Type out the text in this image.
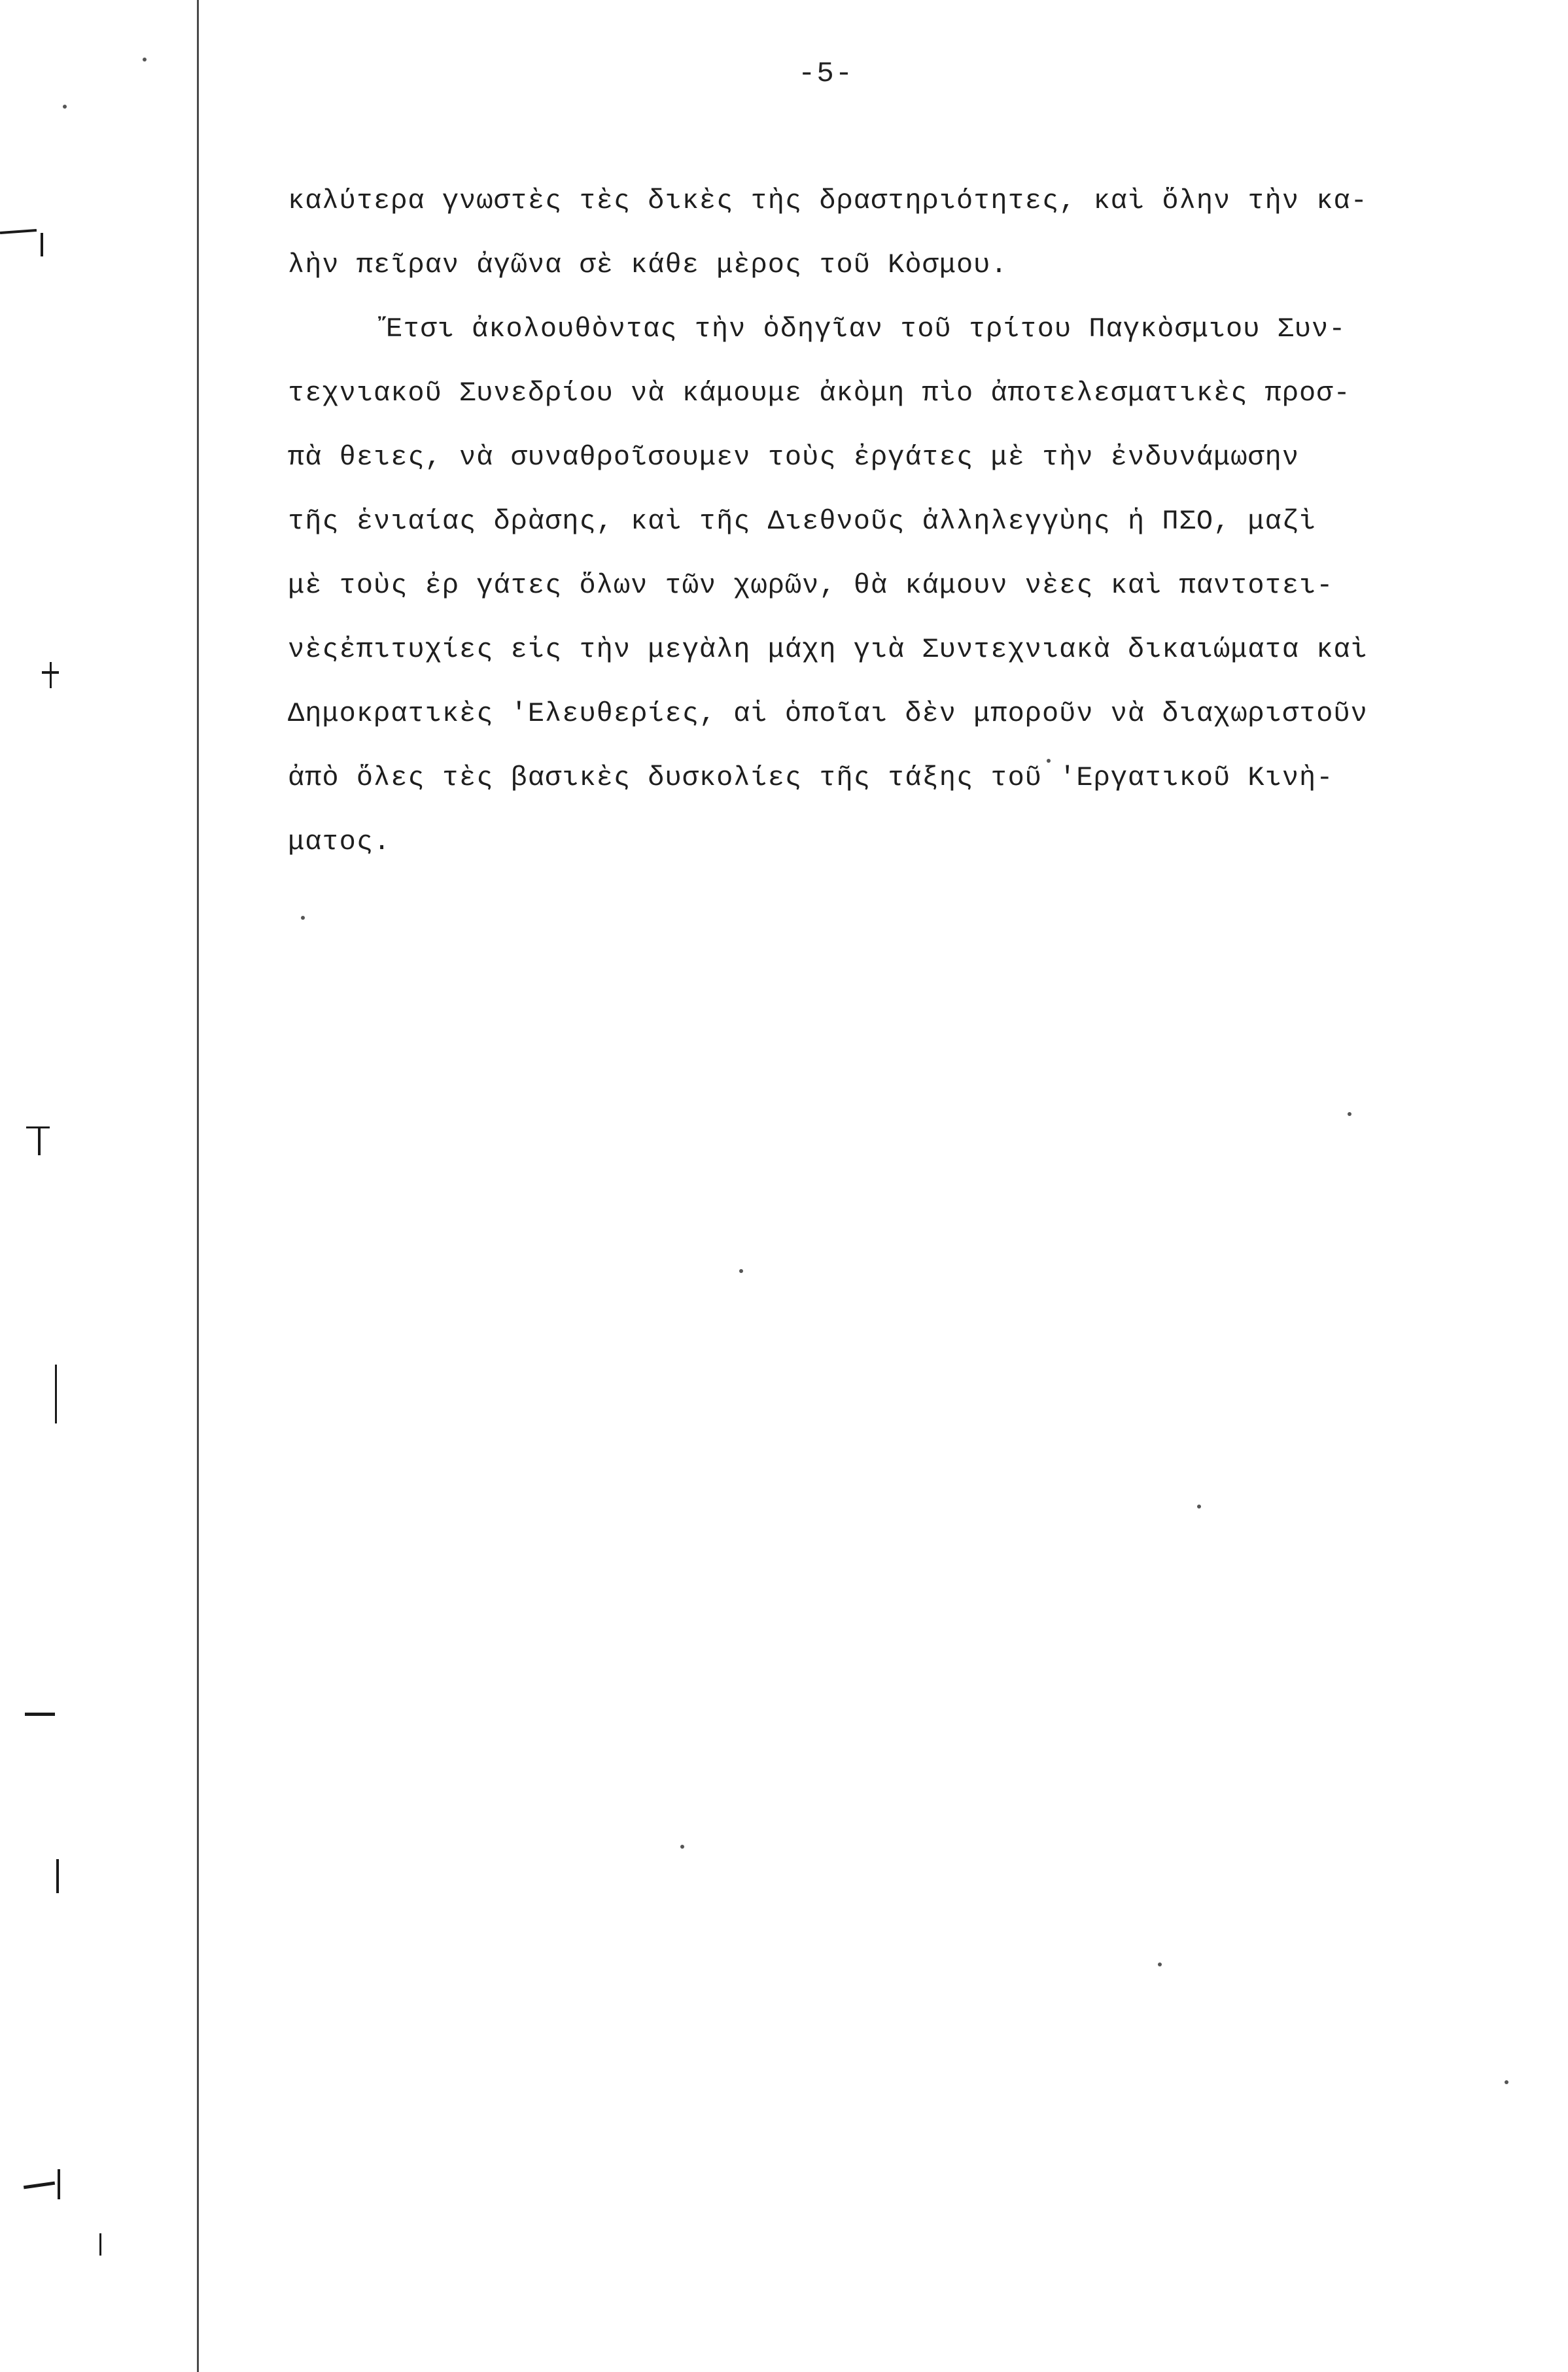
-5-
καλύτερα γνωστὲς τὲς δικὲς τὴς δραστηριότητες, καὶ ὅλην τὴν κα-
λὴν πεῖραν ἀγῶνα σὲ κάθε μὲρος τοῦ Κὸσμου.
Ἔτσι ἀκολουθὸντας τὴν ὁδηγῖαν τοῦ τρίτου Παγκὸσμιου Συν-
τεχνιακοῦ Συνεδρίου νὰ κάμουμε ἀκὸμη πὶο ἀποτελεσματικὲς προσ-
πὰ θειες, νὰ συναθροῖσουμεν τοὺς ἐργάτες μὲ τὴν ἐνδυνάμωσην
τῆς ἑνιαίας δρὰσης, καὶ τῆς Διεθνοῦς ἀλληλεγγὺης ἡ ΠΣΟ, μαζὶ
μὲ τοὺς ἐρ γάτες ὅλων τῶν χωρῶν, θὰ κάμουν νὲες καὶ παντοτει-
νὲςἐπιτυχίες εἰς τὴν μεγὰλη μάχη γιὰ Συντεχνιακὰ δικαιώματα καὶ
Δημοκρατικὲς 'Ελευθερίες, αἱ ὁποῖαι δὲν μποροῦν νὰ διαχωριστοῦν
ἀπὸ ὅλες τὲς βασικὲς δυσκολίες τῆς τάξης τοῦ 'Εργατικοῦ Κινὴ-
ματος.
